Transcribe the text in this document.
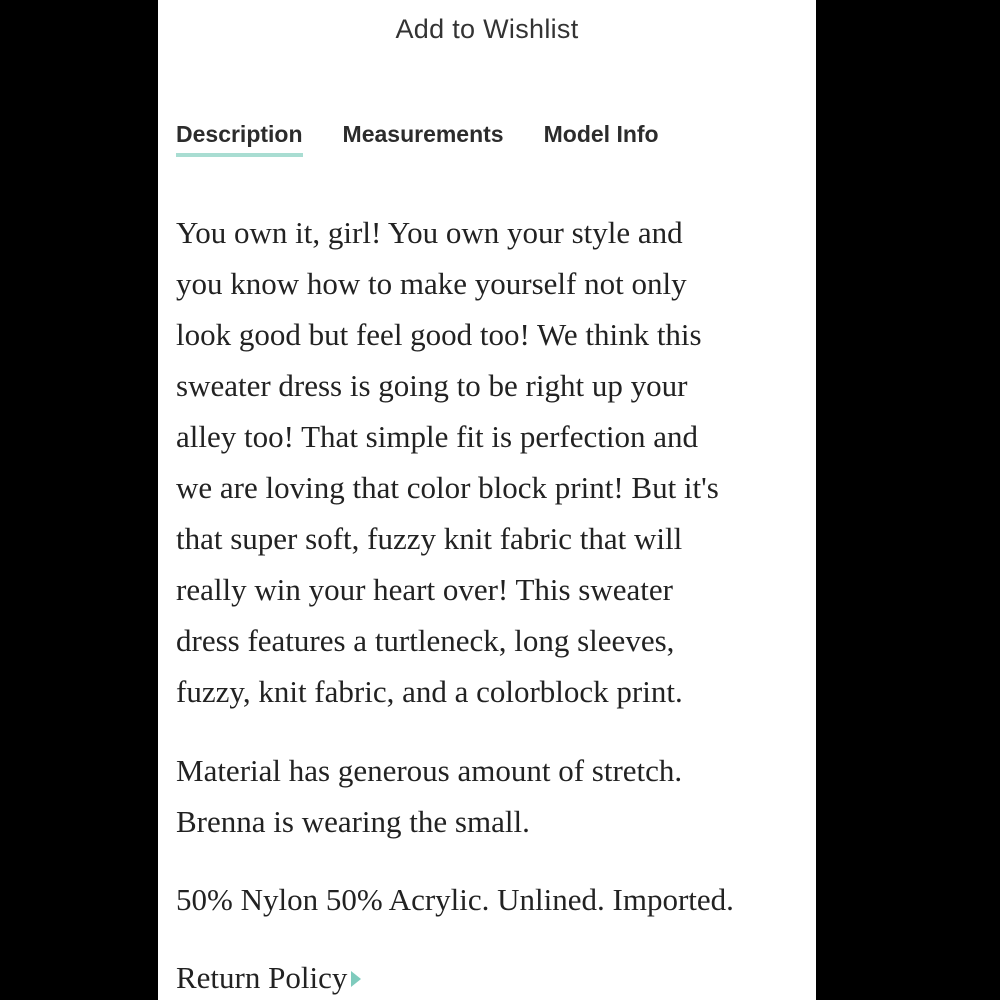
Add to Wishlist
Description Measurements Model Info
You own it, girl! You own your style and
you know how to make yourself not only
look good but feel good too! We think this
sweater dress is going to be right up your
alley too! That simple fit is perfection and
we are loving that color block print! But it's
that super soft, fuzzy knit fabric that will
really win your heart over! This sweater
dress features a turtleneck, long sleeves,
fuzzy, knit fabric, and a colorblock print.
Material has generous amount of stretch.
Brenna is wearing the small.
50% Nylon 50% Acrylic. Unlined. Imported.
Return Policy
